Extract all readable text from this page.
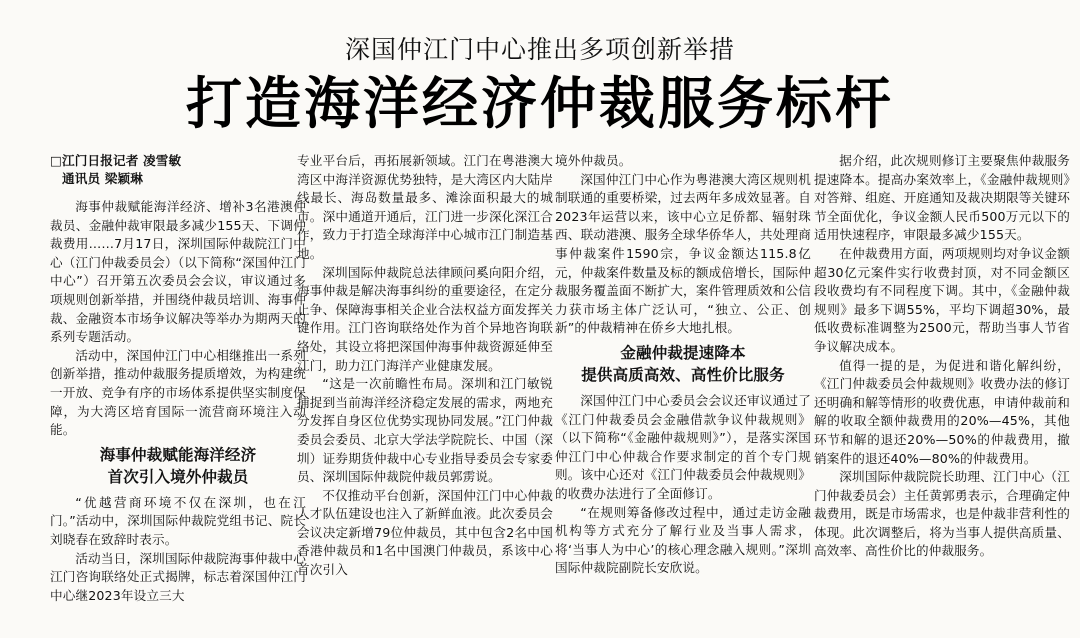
深国仲江门中心推出多项创新举措
打造海洋经济仲裁服务标杆

□江门日报记者 凌雪敏

通讯员 梁颖琳

海事仲裁赋能海洋经济、增补3名港澳仲裁员、金融仲裁审限最多减少155天、下调仲裁费用……7月17日，深圳国际仲裁院江门中心（江门仲裁委员会）（以下简称“深国仲江门中心”）召开第五次委员会会议，审议通过多项规则创新举措，并围绕仲裁员培训、海事仲裁、金融资本市场争议解决等举办为期两天的系列专题活动。

活动中，深国仲江门中心相继推出一系列创新举措，推动仲裁服务提质增效，为构建统一开放、竞争有序的市场体系提供坚实制度保障，为大湾区培育国际一流营商环境注入动能。

海事仲裁赋能海洋经济
首次引入境外仲裁员

“优越营商环境不仅在深圳，也在江门。”活动中，深圳国际仲裁院党组书记、院长刘晓春在致辞时表示。

活动当日，深圳国际仲裁院海事仲裁中心江门咨询联络处正式揭牌，标志着深国仲江门中心继2023年设立三大

专业平台后，再拓展新领域。江门在粤港澳大湾区中海洋资源优势独特，是大湾区内大陆岸线最长、海岛数量最多、滩涂面积最大的城市。深中通道开通后，江门进一步深化深江合作，致力于打造全球海洋中心城市江门制造基地。

深圳国际仲裁院总法律顾问奚向阳介绍，海事仲裁是解决海事纠纷的重要途径，在定分止争、保障海事相关企业合法权益方面发挥关键作用。江门咨询联络处作为首个异地咨询联络处，其设立将把深国仲海事仲裁资源延伸至江门，助力江门海洋产业健康发展。

“这是一次前瞻性布局。深圳和江门敏锐捕捉到当前海洋经济稳定发展的需求，两地充分发挥自身区位优势实现协同发展。”江门仲裁委员会委员、北京大学法学院院长、中国（深圳）证券期货仲裁中心专业指导委员会专家委员、深圳国际仲裁院仲裁员郭雳说。

不仅推动平台创新，深国仲江门中心仲裁人才队伍建设也注入了新鲜血液。此次委员会会议决定新增79位仲裁员，其中包含2名中国香港仲裁员和1名中国澳门仲裁员，系该中心首次引入

境外仲裁员。

深国仲江门中心作为粤港澳大湾区规则机制联通的重要桥梁，过去两年多成效显著。自2023年运营以来，该中心立足侨都、辐射珠西、联动港澳、服务全球华侨华人，共处理商事仲裁案件1590宗，争议金额达115.8亿元，仲裁案件数量及标的额成倍增长，国际仲裁服务覆盖面不断扩大，案件管理质效和公信力获市场主体广泛认可，“独立、公正、创新”的仲裁精神在侨乡大地扎根。

金融仲裁提速降本
提供高质高效、高性价比服务

深国仲江门中心委员会会议还审议通过了《江门仲裁委员会金融借款争议仲裁规则》（以下简称“《金融仲裁规则》”），是落实深国仲江门中心仲裁合作要求制定的首个专门规则。该中心还对《江门仲裁委员会仲裁规则》的收费办法进行了全面修订。

“在规则筹备修改过程中，通过走访金融机构等方式充分了解行业及当事人需求，将‘当事人为中心’的核心理念融入规则。”深圳国际仲裁院副院长安欣说。

据介绍，此次规则修订主要聚焦仲裁服务提速降本。提高办案效率上，《金融仲裁规则》对答辩、组庭、开庭通知及裁决期限等关键环节全面优化，争议金额人民币500万元以下的适用快速程序，审限最多减少155天。

在仲裁费用方面，两项规则均对争议金额超30亿元案件实行收费封顶，对不同金额区段收费均有不同程度下调。其中，《金融仲裁规则》最多下调55%，平均下调超30%，最低收费标准调整为2500元，帮助当事人节省争议解决成本。

值得一提的是，为促进和谐化解纠纷，《江门仲裁委员会仲裁规则》收费办法的修订还明确和解等情形的收费优惠，申请仲裁前和解的收取全额仲裁费用的20%—45%，其他环节和解的退还20%—50%的仲裁费用，撤销案件的退还40%—80%的仲裁费用。

深圳国际仲裁院院长助理、江门中心（江门仲裁委员会）主任黄郭勇表示，合理确定仲裁费用，既是市场需求，也是仲裁非营利性的体现。此次调整后，将为当事人提供高质量、高效率、高性价比的仲裁服务。
